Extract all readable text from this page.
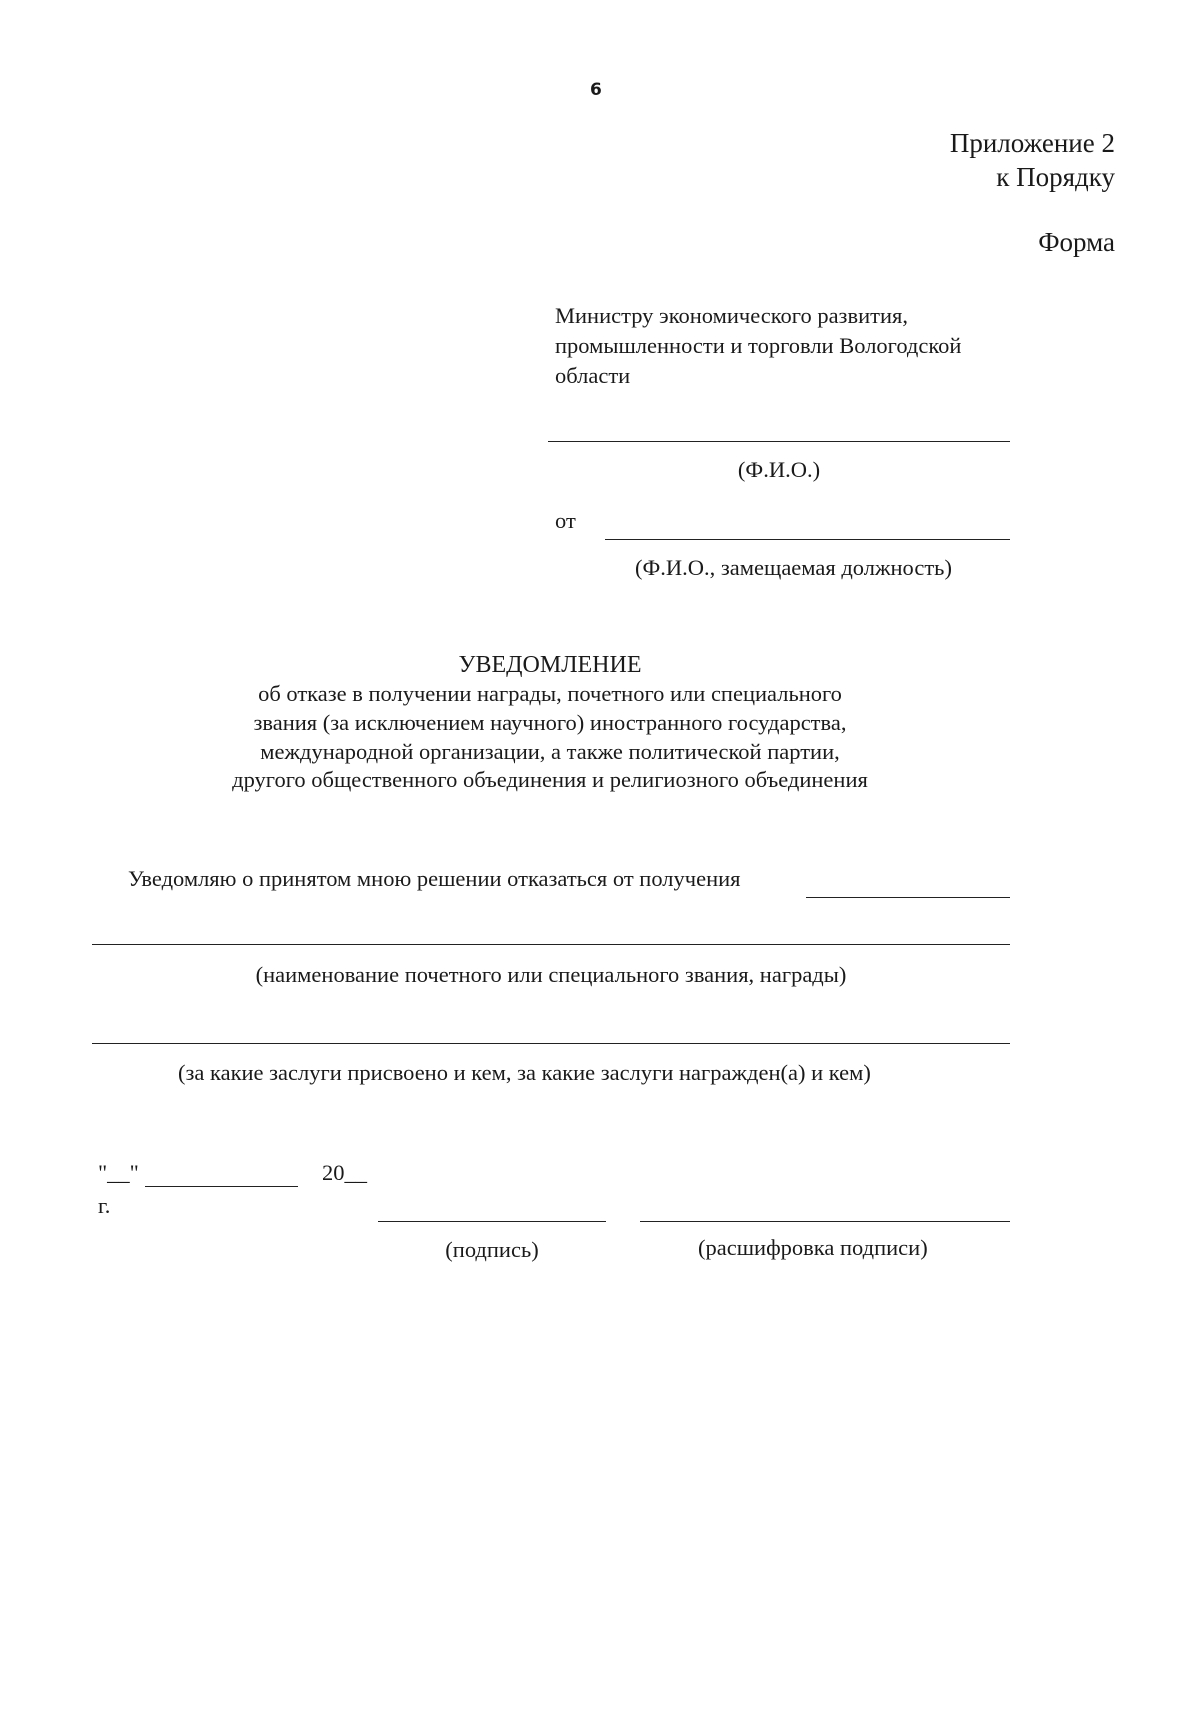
6
Приложение 2
к Порядку
Форма
Министру экономического развития,
промышленности и торговли Вологодской
области
(Ф.И.О.)
от
(Ф.И.О., замещаемая должность)
УВЕДОМЛЕНИЕ
об отказе в получении награды, почетного или специального
звания (за исключением научного) иностранного государства,
международной организации, а также политической партии,
другого общественного объединения и религиозного объединения
Уведомляю о принятом мною решении отказаться от получения
(наименование почетного или специального звания, награды)
(за какие заслуги присвоено и кем, за какие заслуги награжден(а) и кем)
"__"	20__
г.
(подпись)	(расшифровка подписи)
